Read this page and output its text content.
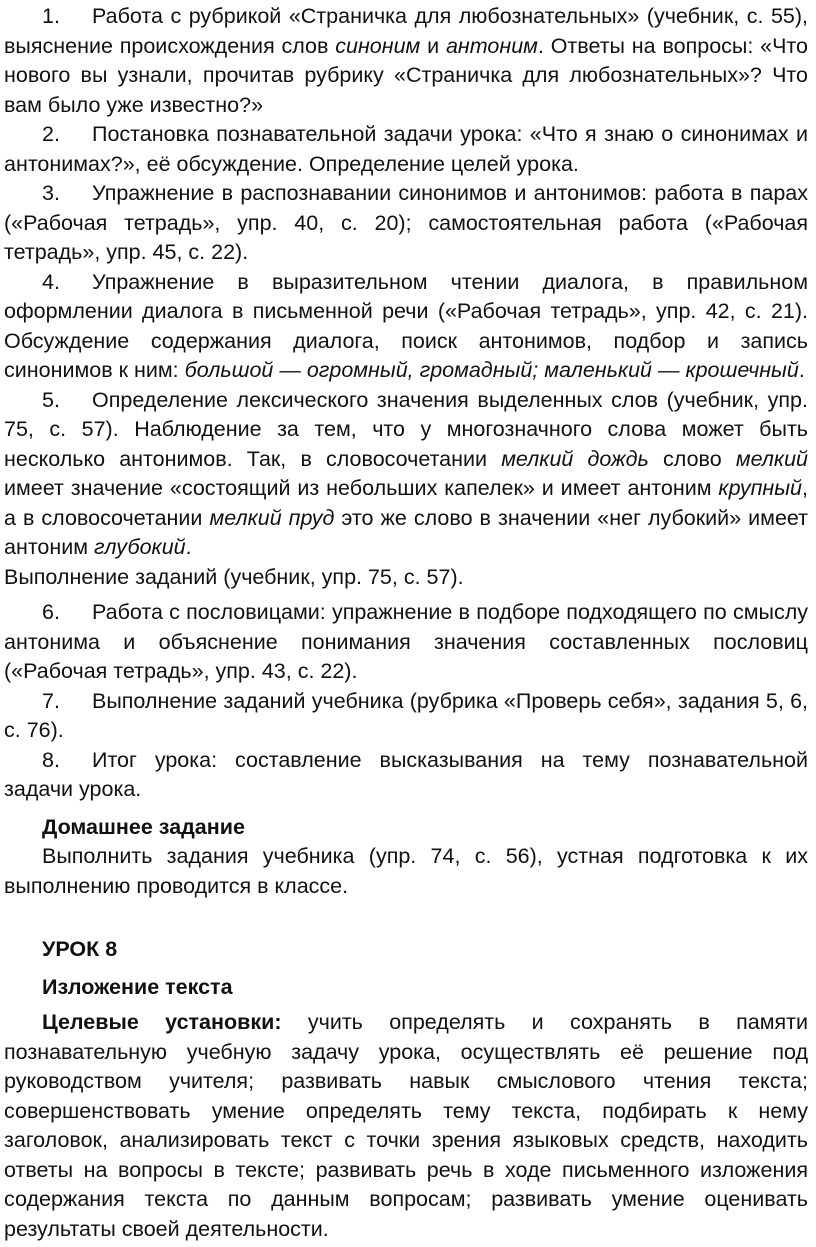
1. Работа с рубрикой «Страничка для любознательных» (учебник, с. 55), выяснение происхождения слов синоним и антоним. Ответы на вопросы: «Что нового вы узнали, прочитав рубрику «Страничка для любознательных»? Что вам было уже известно?»

2. Постановка познавательной задачи урока: «Что я знаю о синонимах и антонимах?», её обсуждение. Определение целей урока.

3. Упражнение в распознавании синонимов и антонимов: работа в парах («Рабочая тетрадь», упр. 40, с. 20); самостоятельная работа («Рабочая тетрадь», упр. 45, с. 22).

4. Упражнение в выразительном чтении диалога, в правильном оформлении диалога в письменной речи («Рабочая тетрадь», упр. 42, с. 21). Обсуждение содержания диалога, поиск антонимов, подбор и запись синонимов к ним: большой — огромный, громадный; маленький — крошечный.

5. Определение лексического значения выделенных слов (учебник, упр. 75, с. 57). Наблюдение за тем, что у многозначного слова может быть несколько антонимов. Так, в словосочетании мелкий дождь слово мелкий имеет значение «состоящий из небольших капелек» и имеет антоним крупный, а в словосочетании мелкий пруд это же слово в значении «нег лубокий» имеет антоним глубокий.

Выполнение заданий (учебник, упр. 75, с. 57).

6. Работа с пословицами: упражнение в подборе подходящего по смыслу антонима и объяснение понимания значения составленных пословиц («Рабочая тетрадь», упр. 43, с. 22).

7. Выполнение заданий учебника (рубрика «Проверь себя», задания 5, 6, с. 76).

8. Итог урока: составление высказывания на тему познавательной задачи урока.

Домашнее задание

Выполнить задания учебника (упр. 74, с. 56), устная подготовка к их выполнению проводится в классе.

УРОК 8

Изложение текста

Целевые установки: учить определять и сохранять в памяти познавательную учебную задачу урока, осуществлять её решение под руководством учителя; развивать навык смыслового чтения текста; совершенствовать умение определять тему текста, подбирать к нему заголовок, анализировать текст с точки зрения языковых средств, находить ответы на вопросы в тексте; развивать речь в ходе письменного изложения содержания текста по данным вопросам; развивать умение оценивать результаты своей деятельности.
